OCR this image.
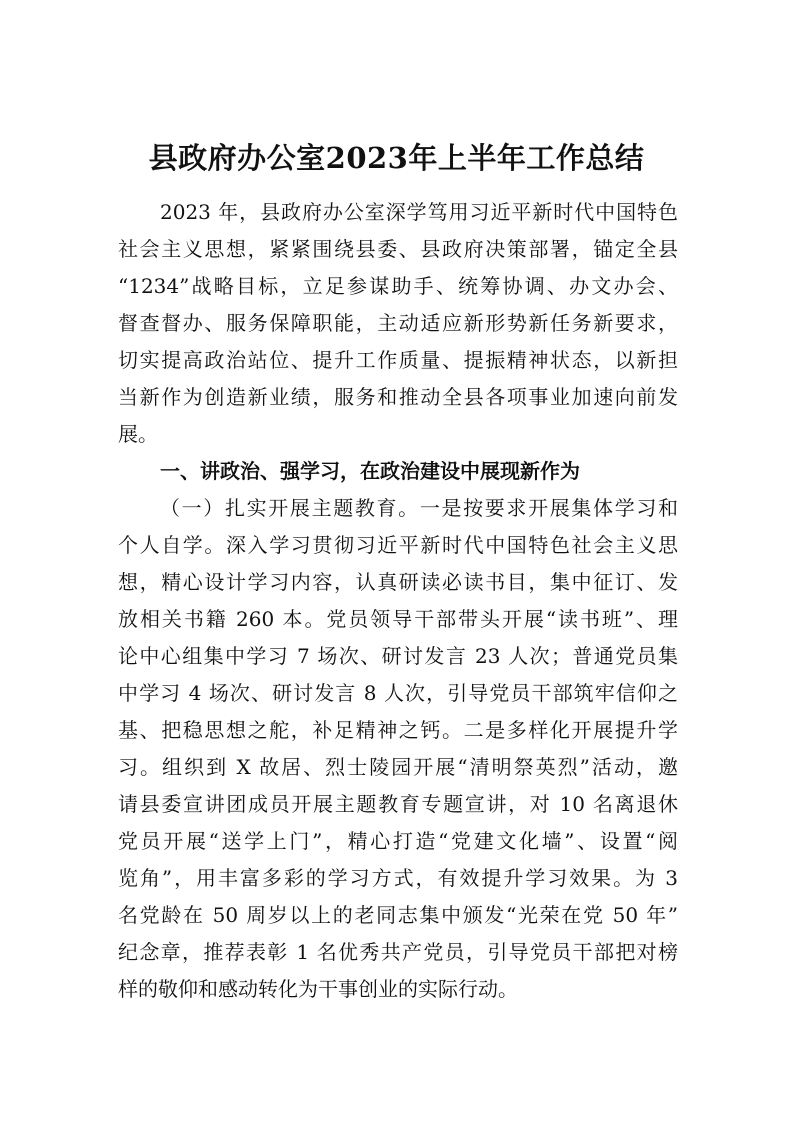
县政府办公室2023年上半年工作总结
2023 年，县政府办公室深学笃用习近平新时代中国特色
社会主义思想，紧紧围绕县委、县政府决策部署，锚定全县
“1234”战略目标，立足参谋助手、统筹协调、办文办会、
督查督办、服务保障职能，主动适应新形势新任务新要求，
切实提高政治站位、提升工作质量、提振精神状态，以新担
当新作为创造新业绩，服务和推动全县各项事业加速向前发
展。
一、讲政治、强学习，在政治建设中展现新作为
（一）扎实开展主题教育。一是按要求开展集体学习和
个人自学。深入学习贯彻习近平新时代中国特色社会主义思
想，精心设计学习内容，认真研读必读书目，集中征订、发
放相关书籍 260 本。党员领导干部带头开展“读书班”、理
论中心组集中学习 7 场次、研讨发言 23 人次；普通党员集
中学习 4 场次、研讨发言 8 人次，引导党员干部筑牢信仰之
基、把稳思想之舵，补足精神之钙。二是多样化开展提升学
习。组织到 X 故居、烈士陵园开展“清明祭英烈”活动，邀
请县委宣讲团成员开展主题教育专题宣讲，对 10 名离退休
党员开展“送学上门”，精心打造“党建文化墙”、设置“阅
览角”，用丰富多彩的学习方式，有效提升学习效果。为 3
名党龄在 50 周岁以上的老同志集中颁发“光荣在党 50 年”
纪念章，推荐表彰 1 名优秀共产党员，引导党员干部把对榜
样的敬仰和感动转化为干事创业的实际行动。
